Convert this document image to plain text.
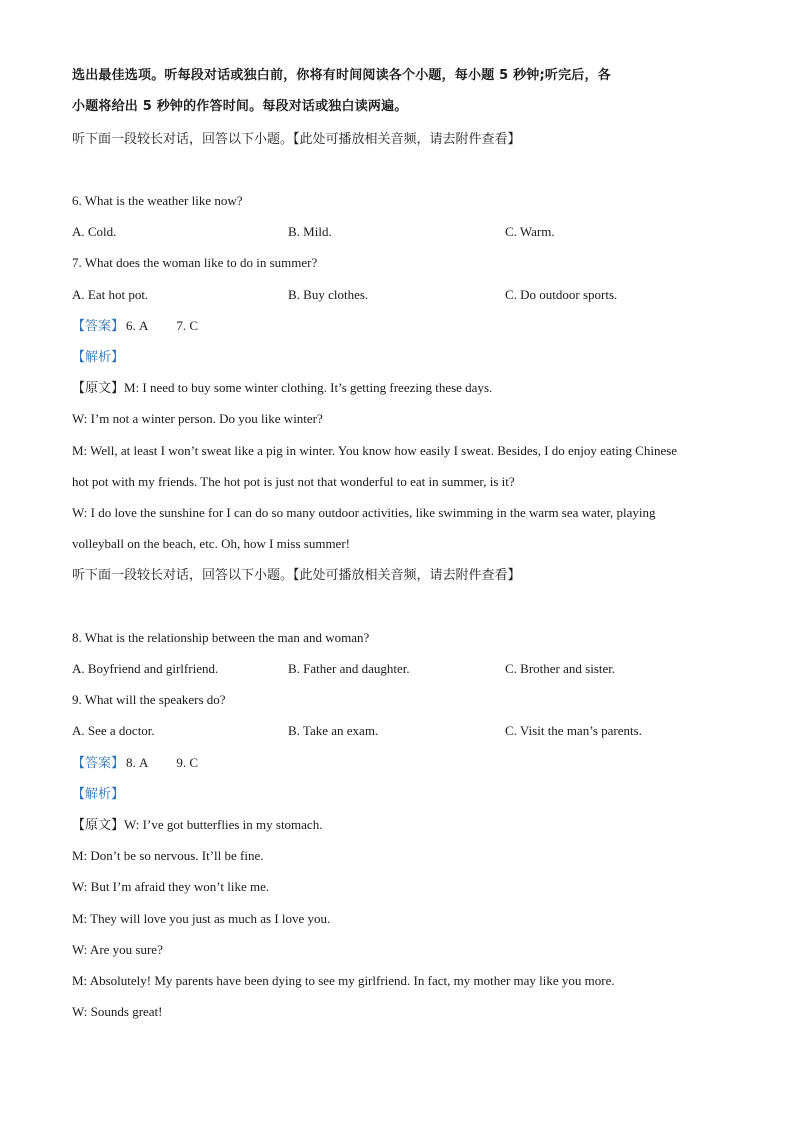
选出最佳选项。听每段对话或独白前，你将有时间阅读各个小题，每小题 5 秒钟;听完后，各
小题将给出 5 秒钟的作答时间。每段对话或独白读两遍。
听下面一段较长对话，回答以下小题。【此处可播放相关音频，请去附件查看】
6. What is the weather like now?
A. Cold.	B. Mild.	C. Warm.
7. What does the woman like to do in summer?
A. Eat hot pot.	B. Buy clothes.	C. Do outdoor sports.
【答案】 6. A 7. C
【解析】
【原文】M: I need to buy some winter clothing. It’s getting freezing these days.
W: I’m not a winter person. Do you like winter?
M: Well, at least I won’t sweat like a pig in winter. You know how easily I sweat. Besides, I do enjoy eating Chinese
hot pot with my friends. The hot pot is just not that wonderful to eat in summer, is it?
W: I do love the sunshine for I can do so many outdoor activities, like swimming in the warm sea water, playing
volleyball on the beach, etc. Oh, how I miss summer!
听下面一段较长对话，回答以下小题。【此处可播放相关音频，请去附件查看】
8. What is the relationship between the man and woman?
A. Boyfriend and girlfriend.	B. Father and daughter.	C. Brother and sister.
9. What will the speakers do?
A. See a doctor.	B. Take an exam.	C. Visit the man’s parents.
【答案】 8. A 9. C
【解析】
【原文】W: I’ve got butterflies in my stomach.
M: Don’t be so nervous. It’ll be fine.
W: But I’m afraid they won’t like me.
M: They will love you just as much as I love you.
W: Are you sure?
M: Absolutely! My parents have been dying to see my girlfriend. In fact, my mother may like you more.
W: Sounds great!
